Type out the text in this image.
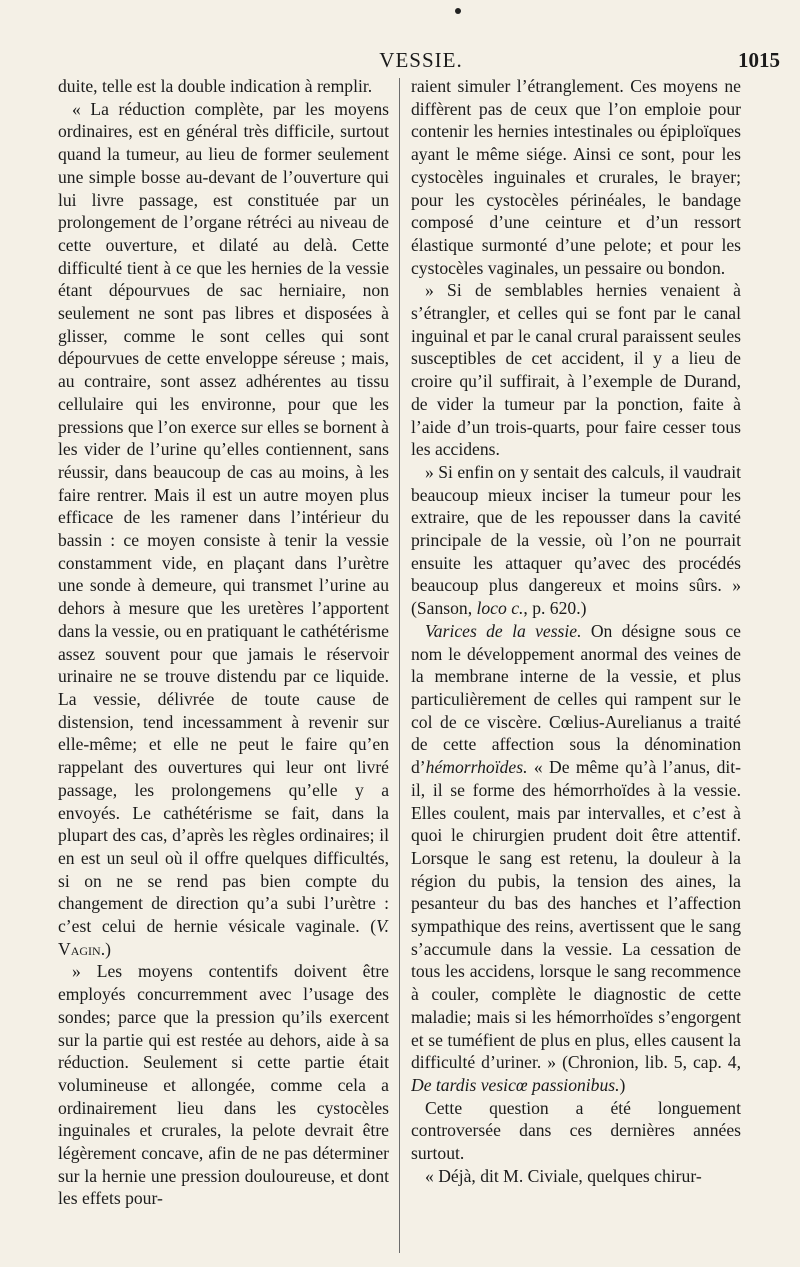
VESSIE.	1015

duite, telle est la double indication à remplir.

« La réduction complète, par les moyens ordinaires, est en général très difficile, surtout quand la tumeur, au lieu de former seulement une simple bosse au-devant de l’ouverture qui lui livre passage, est constituée par un prolongement de l’organe rétréci au niveau de cette ouverture, et dilaté au delà. Cette difficulté tient à ce que les hernies de la vessie étant dépourvues de sac herniaire, non seulement ne sont pas libres et disposées à glisser, comme le sont celles qui sont dépourvues de cette enveloppe séreuse ; mais, au contraire, sont assez adhérentes au tissu cellulaire qui les environne, pour que les pressions que l’on exerce sur elles se bornent à les vider de l’urine qu’elles contiennent, sans réussir, dans beaucoup de cas au moins, à les faire rentrer. Mais il est un autre moyen plus efficace de les ramener dans l’intérieur du bassin : ce moyen consiste à tenir la vessie constamment vide, en plaçant dans l’urètre une sonde à demeure, qui transmet l’urine au dehors à mesure que les uretères l’apportent dans la vessie, ou en pratiquant le cathétérisme assez souvent pour que jamais le réservoir urinaire ne se trouve distendu par ce liquide. La vessie, délivrée de toute cause de distension, tend incessamment à revenir sur elle-même; et elle ne peut le faire qu’en rappelant des ouvertures qui leur ont livré passage, les prolongemens qu’elle y a envoyés. Le cathétérisme se fait, dans la plupart des cas, d’après les règles ordinaires; il en est un seul où il offre quelques difficultés, si on ne se rend pas bien compte du changement de direction qu’a subi l’urètre : c’est celui de hernie vésicale vaginale. (V. Vagin.)

» Les moyens contentifs doivent être employés concurremment avec l’usage des sondes; parce que la pression qu’ils exercent sur la partie qui est restée au dehors, aide à sa réduction. Seulement si cette partie était volumineuse et allongée, comme cela a ordinairement lieu dans les cystocèles inguinales et crurales, la pelote devrait être légèrement concave, afin de ne pas déterminer sur la hernie une pression douloureuse, et dont les effets pour-

raient simuler l’étranglement. Ces moyens ne diffèrent pas de ceux que l’on emploie pour contenir les hernies intestinales ou épiploïques ayant le même siége. Ainsi ce sont, pour les cystocèles inguinales et crurales, le brayer; pour les cystocèles périnéales, le bandage composé d’une ceinture et d’un ressort élastique surmonté d’une pelote; et pour les cystocèles vaginales, un pessaire ou bondon.

» Si de semblables hernies venaient à s’étrangler, et celles qui se font par le canal inguinal et par le canal crural paraissent seules susceptibles de cet accident, il y a lieu de croire qu’il suffirait, à l’exemple de Durand, de vider la tumeur par la ponction, faite à l’aide d’un trois-quarts, pour faire cesser tous les accidens.

» Si enfin on y sentait des calculs, il vaudrait beaucoup mieux inciser la tumeur pour les extraire, que de les repousser dans la cavité principale de la vessie, où l’on ne pourrait ensuite les attaquer qu’avec des procédés beaucoup plus dangereux et moins sûrs. » (Sanson, loco c., p. 620.)

Varices de la vessie. On désigne sous ce nom le développement anormal des veines de la membrane interne de la vessie, et plus particulièrement de celles qui rampent sur le col de ce viscère. Cœlius-Aurelianus a traité de cette affection sous la dénomination d’hémorrhoïdes. « De même qu’à l’anus, dit-il, il se forme des hémorrhoïdes à la vessie. Elles coulent, mais par intervalles, et c’est à quoi le chirurgien prudent doit être attentif. Lorsque le sang est retenu, la douleur à la région du pubis, la tension des aines, la pesanteur du bas des hanches et l’affection sympathique des reins, avertissent que le sang s’accumule dans la vessie. La cessation de tous les accidens, lorsque le sang recommence à couler, complète le diagnostic de cette maladie; mais si les hémorrhoïdes s’engorgent et se tuméfient de plus en plus, elles causent la difficulté d’uriner. » (Chronion, lib. 5, cap. 4, De tardis vesicœ passionibus.)

Cette question a été longuement controversée dans ces dernières années surtout.

« Déjà, dit M. Civiale, quelques chirur-
